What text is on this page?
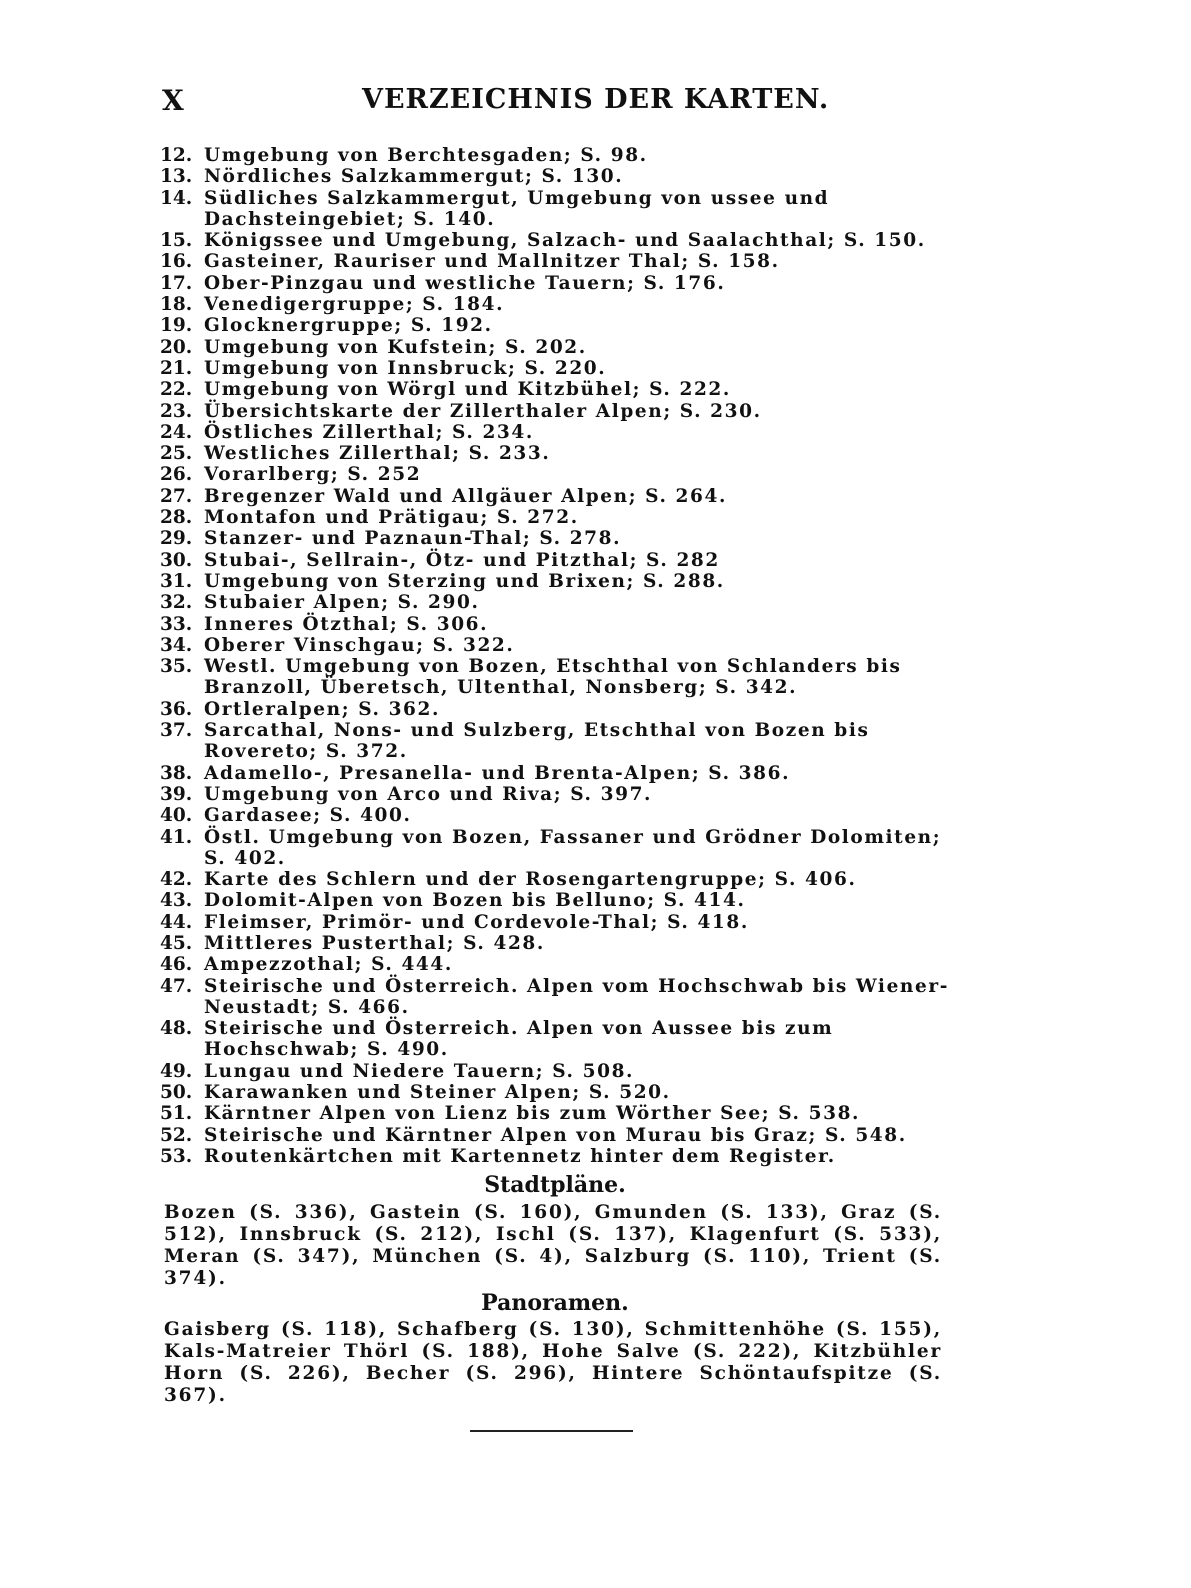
X	VERZEICHNIS DER KARTEN.
12. Umgebung von Berchtesgaden; S. 98.
13. Nördliches Salzkammergut; S. 130.
14. Südliches Salzkammergut, Umgebung von ussee und Dachsteingebiet; S. 140.
15. Königssee und Umgebung, Salzach- und Saalachthal; S. 150.
16. Gasteiner, Rauriser und Mallnitzer Thal; S. 158.
17. Ober-Pinzgau und westliche Tauern; S. 176.
18. Venedigergruppe; S. 184.
19. Glocknergruppe; S. 192.
20. Umgebung von Kufstein; S. 202.
21. Umgebung von Innsbruck; S. 220.
22. Umgebung von Wörgl und Kitzbühel; S. 222.
23. Übersichtskarte der Zillerthaler Alpen; S. 230.
24. Östliches Zillerthal; S. 234.
25. Westliches Zillerthal; S. 233.
26. Vorarlberg; S. 252
27. Bregenzer Wald und Allgäuer Alpen; S. 264.
28. Montafon und Prätigau; S. 272.
29. Stanzer- und Paznaun-Thal; S. 278.
30. Stubai-, Sellrain-, Ötz- und Pitzthal; S. 282
31. Umgebung von Sterzing und Brixen; S. 288.
32. Stubaier Alpen; S. 290.
33. Inneres Ötzthal; S. 306.
34. Oberer Vinschgau; S. 322.
35. Westl. Umgebung von Bozen, Etschthal von Schlanders bis Branzoll, Überetsch, Ultenthal, Nonsberg; S. 342.
36. Ortleralpen; S. 362.
37. Sarcathal, Nons- und Sulzberg, Etschthal von Bozen bis Rovereto; S. 372.
38. Adamello-, Presanella- und Brenta-Alpen; S. 386.
39. Umgebung von Arco und Riva; S. 397.
40. Gardasee; S. 400.
41. Östl. Umgebung von Bozen, Fassaner und Grödner Dolomiten; S. 402.
42. Karte des Schlern und der Rosengartengruppe; S. 406.
43. Dolomit-Alpen von Bozen bis Belluno; S. 414.
44. Fleimser, Primör- und Cordevole-Thal; S. 418.
45. Mittleres Pusterthal; S. 428.
46. Ampezzothal; S. 444.
47. Steirische und Österreich. Alpen vom Hochschwab bis Wiener-Neustadt; S. 466.
48. Steirische und Österreich. Alpen von Aussee bis zum Hochschwab; S. 490.
49. Lungau und Niedere Tauern; S. 508.
50. Karawanken und Steiner Alpen; S. 520.
51. Kärntner Alpen von Lienz bis zum Wörther See; S. 538.
52. Steirische und Kärntner Alpen von Murau bis Graz; S. 548.
53. Routenkärtchen mit Kartennetz hinter dem Register.
Stadtpläne.
Bozen (S. 336), Gastein (S. 160), Gmunden (S. 133), Graz (S. 512), Innsbruck (S. 212), Ischl (S. 137), Klagenfurt (S. 533), Meran (S. 347), München (S. 4), Salzburg (S. 110), Trient (S. 374).
Panoramen.
Gaisberg (S. 118), Schafberg (S. 130), Schmittenhöhe (S. 155), Kals-Matreier Thörl (S. 188), Hohe Salve (S. 222), Kitzbühler Horn (S. 226), Becher (S. 296), Hintere Schöntaufspitze (S. 367).
